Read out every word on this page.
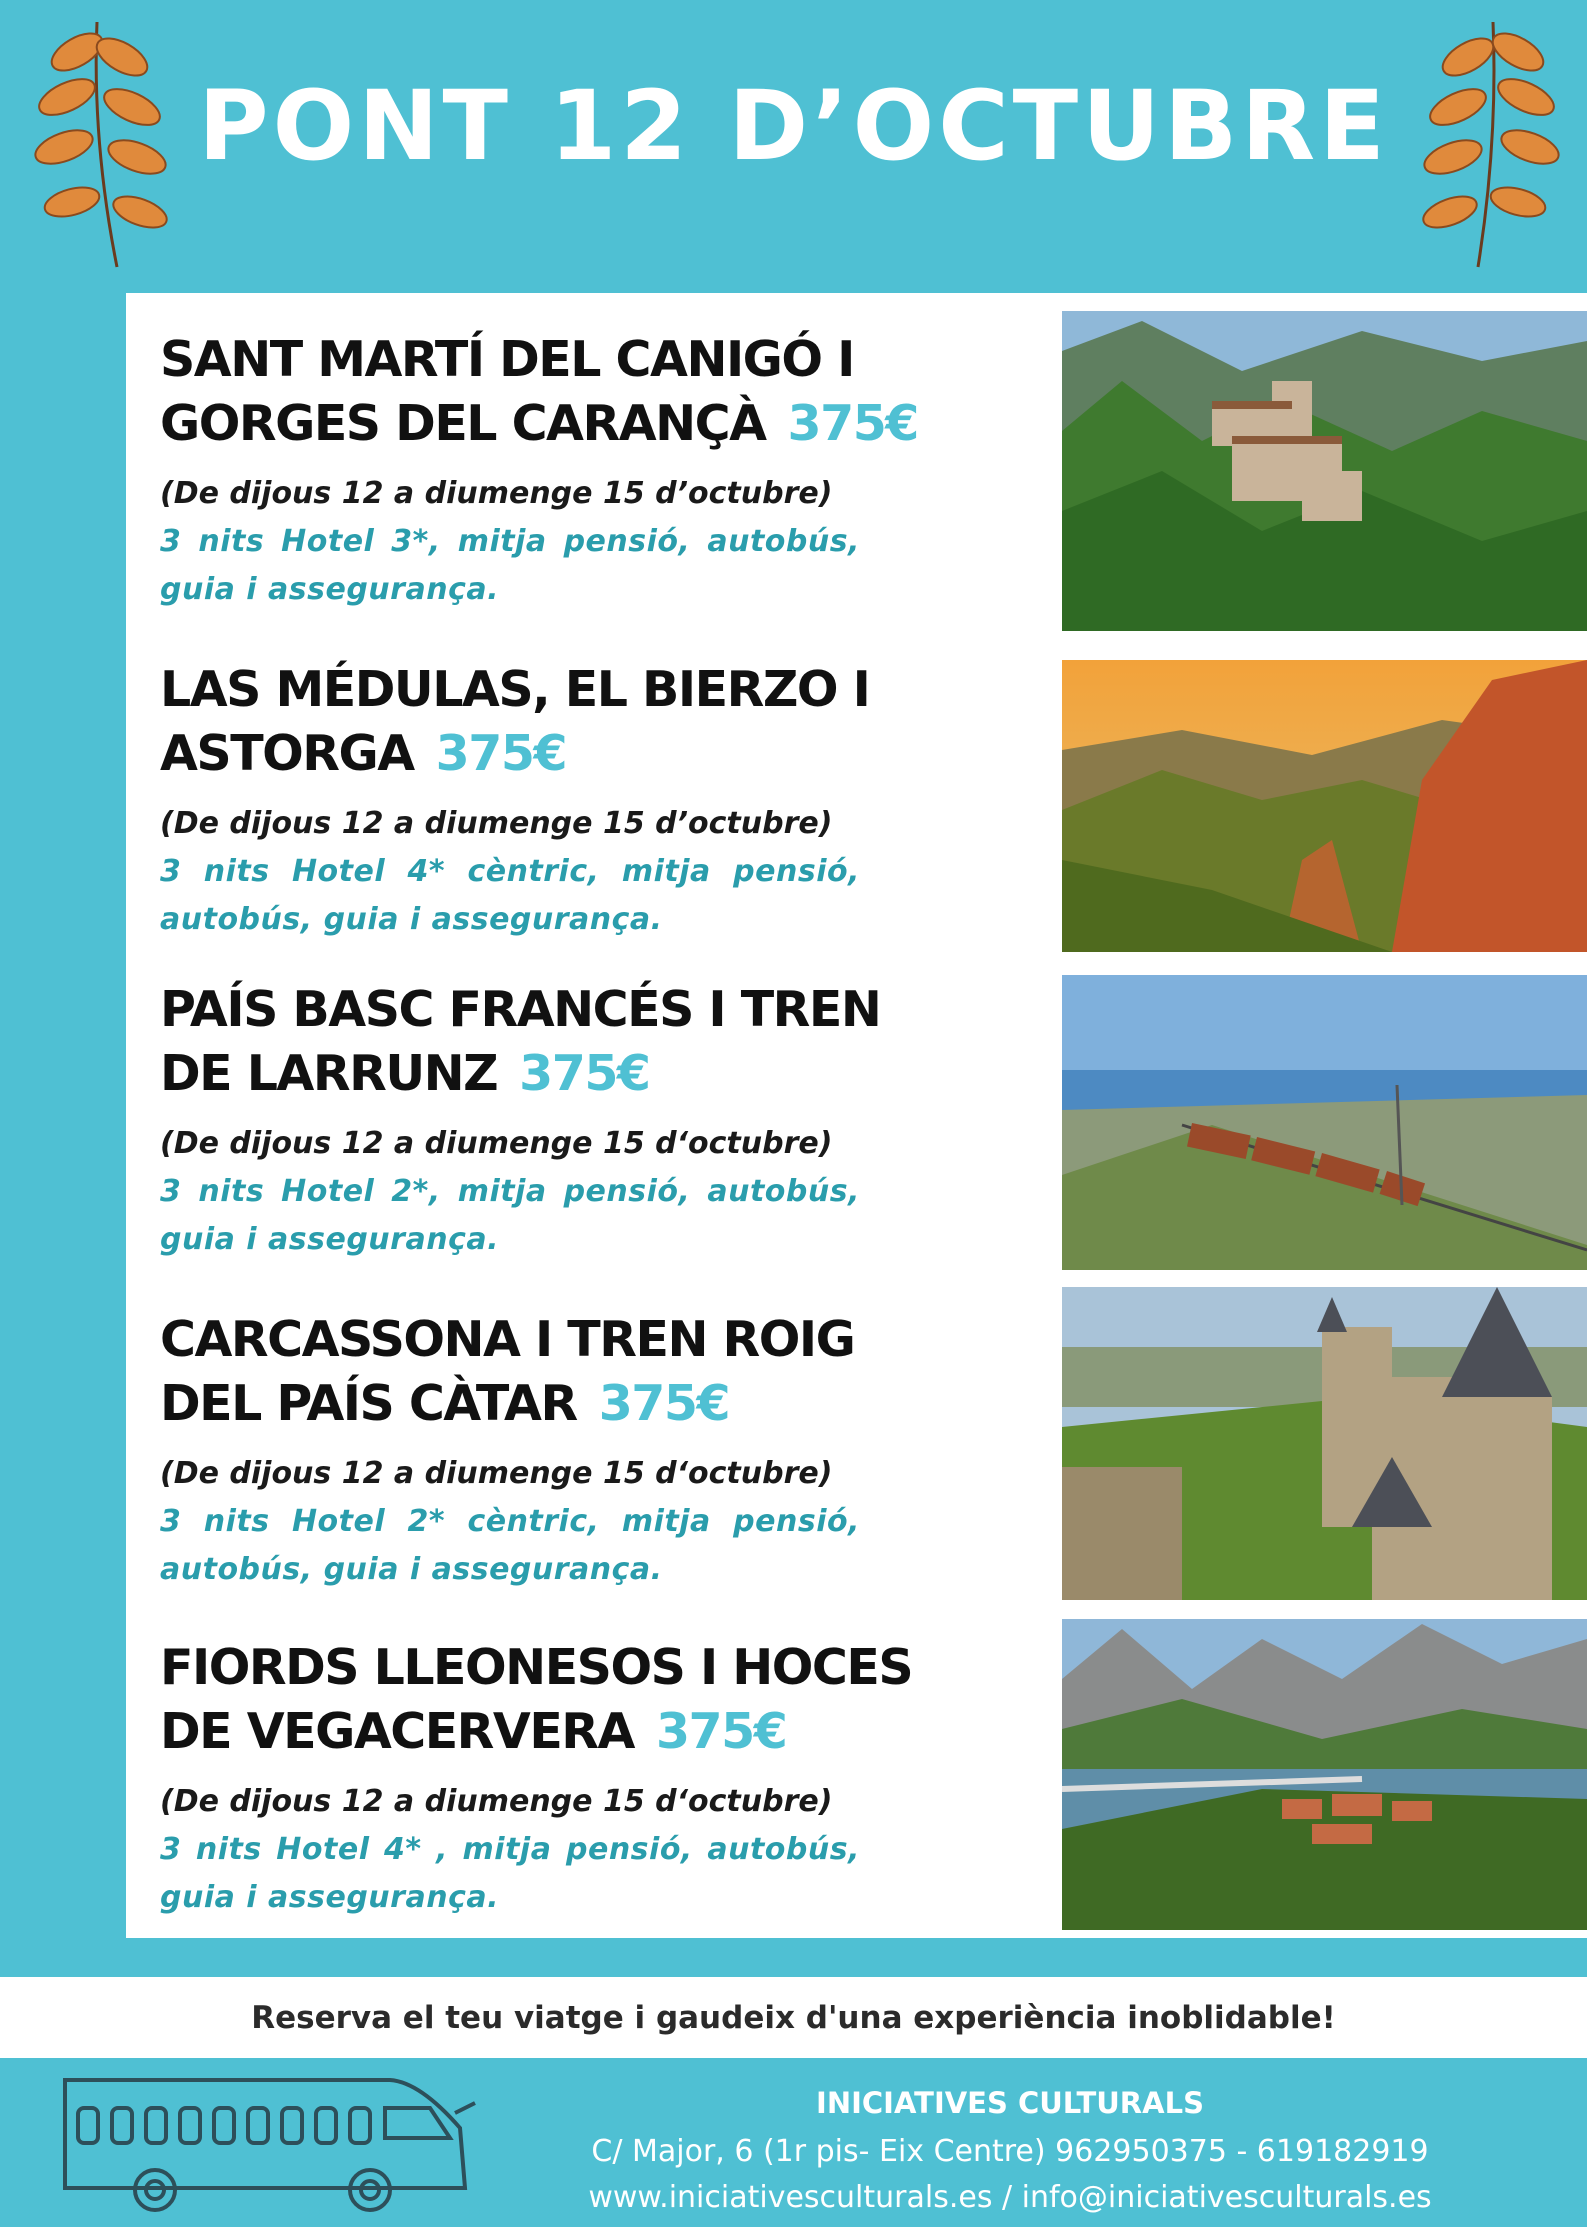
PONT 12 D’OCTUBRE
SANT MARTÍ DEL CANIGÓ I
GORGES DEL CARANÇÀ 375€
(De dijous 12 a diumenge 15 d’octubre)
3 nits Hotel 3*, mitja pensió, autobús, guia i assegurança.
LAS MÉDULAS, EL BIERZO I
ASTORGA 375€
(De dijous 12 a diumenge 15 d’octubre)
3 nits Hotel 4* cèntric, mitja pensió, autobús, guia i assegurança.
PAÍS BASC FRANCÉS I TREN
DE LARRUNZ 375€
(De dijous 12 a diumenge 15 d‘octubre)
3 nits Hotel 2*, mitja pensió, autobús, guia i assegurança.
CARCASSONA I TREN ROIG
DEL PAÍS CÀTAR 375€
(De dijous 12 a diumenge 15 d‘octubre)
3 nits Hotel 2* cèntric, mitja pensió, autobús, guia i assegurança.
FIORDS LLEONESOS I HOCES
DE VEGACERVERA 375€
(De dijous 12 a diumenge 15 d‘octubre)
3 nits Hotel 4* , mitja pensió, autobús, guia i assegurança.
Reserva el teu viatge i gaudeix d'una experiència inoblidable!
INICIATIVES CULTURALS
C/ Major, 6 (1r pis- Eix Centre) 962950375 - 619182919
www.iniciativesculturals.es / info@iniciativesculturals.es
